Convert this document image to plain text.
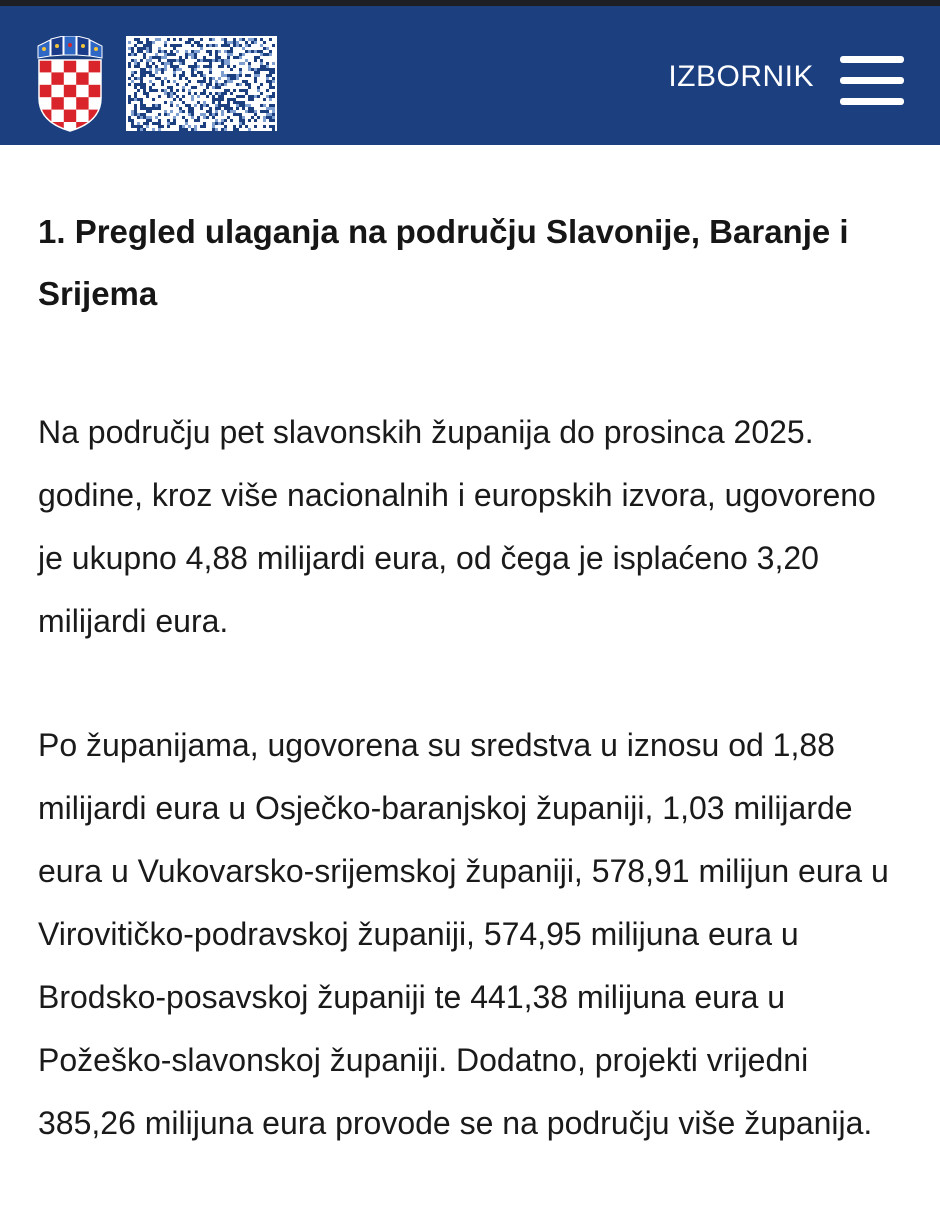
IZBORNIK
1. Pregled ulaganja na području Slavonije, Baranje i Srijema

Na području pet slavonskih županija do prosinca 2025. godine, kroz više nacionalnih i europskih izvora, ugovoreno je ukupno 4,88 milijardi eura, od čega je isplaćeno 3,20 milijardi eura.

Po županijama, ugovorena su sredstva u iznosu od 1,88 milijardi eura u Osječko-baranjskoj županiji, 1,03 milijarde eura u Vukovarsko-srijemskoj županiji, 578,91 milijun eura u Virovitičko-podravskoj županiji, 574,95 milijuna eura u Brodsko-posavskoj županiji te 441,38 milijuna eura u Požeško-slavonskoj županiji. Dodatno, projekti vrijedni 385,26 milijuna eura provode se na području više županija.
